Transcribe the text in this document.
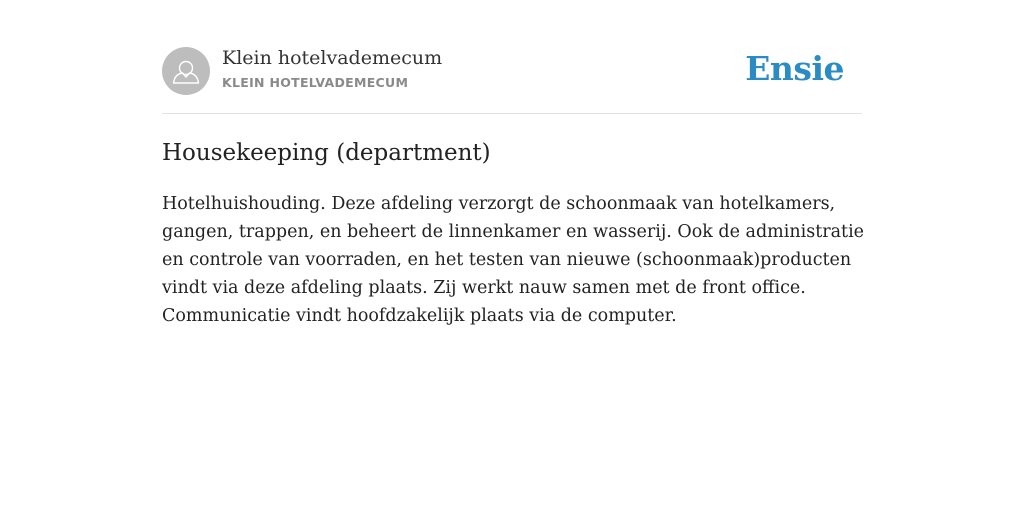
Klein hotelvademecum
KLEIN HOTELVADEMECUM	Ensie
Housekeeping (department)

Hotelhuishouding. Deze afdeling verzorgt de schoonmaak van hotelkamers, gangen, trappen, en beheert de linnenkamer en wasserij. Ook de administratie en controle van voorraden, en het testen van nieuwe (schoonmaak)producten vindt via deze afdeling plaats. Zij werkt nauw samen met de front office. Communicatie vindt hoofdzakelijk plaats via de computer.
